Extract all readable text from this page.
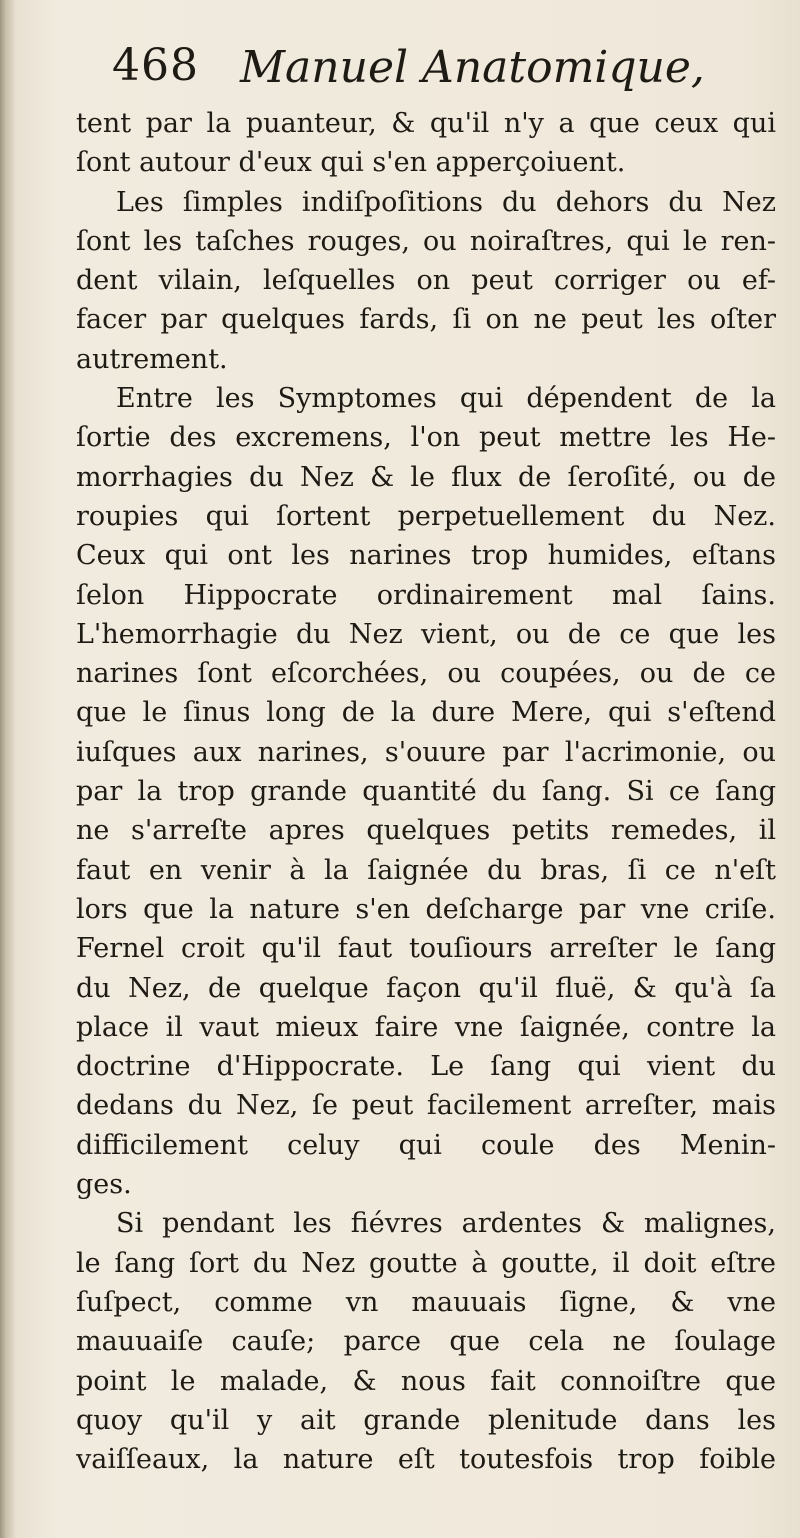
468 Manuel Anatomique,
tent par la puanteur, & qu'il n'y a que ceux qui
ſont autour d'eux qui s'en apperçoiuent.
Les ſimples indiſpoſitions du dehors du Nez
ſont les taſches rouges, ou noiraſtres, qui le ren-
dent vilain, leſquelles on peut corriger ou ef-
facer par quelques fards, ſi on ne peut les oſter
autrement.
Entre les Symptomes qui dépendent de la
ſortie des excremens, l'on peut mettre les He-
morrhagies du Nez & le flux de ſeroſité, ou de
roupies qui ſortent perpetuellement du Nez.
Ceux qui ont les narines trop humides, eſtans
ſelon Hippocrate ordinairement mal ſains.
L'hemorrhagie du Nez vient, ou de ce que les
narines ſont eſcorchées, ou coupées, ou de ce
que le ſinus long de la dure Mere, qui s'eſtend
iuſques aux narines, s'ouure par l'acrimonie, ou
par la trop grande quantité du ſang. Si ce ſang
ne s'arreſte apres quelques petits remedes, il
faut en venir à la ſaignée du bras, ſi ce n'eſt
lors que la nature s'en deſcharge par vne criſe.
Fernel croit qu'il faut touſiours arreſter le ſang
du Nez, de quelque façon qu'il fluë, & qu'à ſa
place il vaut mieux faire vne ſaignée, contre la
doctrine d'Hippocrate. Le ſang qui vient du
dedans du Nez, ſe peut facilement arreſter, mais
difficilement celuy qui coule des Menin-
ges.
Si pendant les fiévres ardentes & malignes,
le ſang ſort du Nez goutte à goutte, il doit eſtre
ſuſpect, comme vn mauuais ſigne, & vne
mauuaiſe cauſe; parce que cela ne ſoulage
point le malade, & nous fait connoiſtre que
quoy qu'il y ait grande plenitude dans les
vaiſſeaux, la nature eſt toutesfois trop foible
